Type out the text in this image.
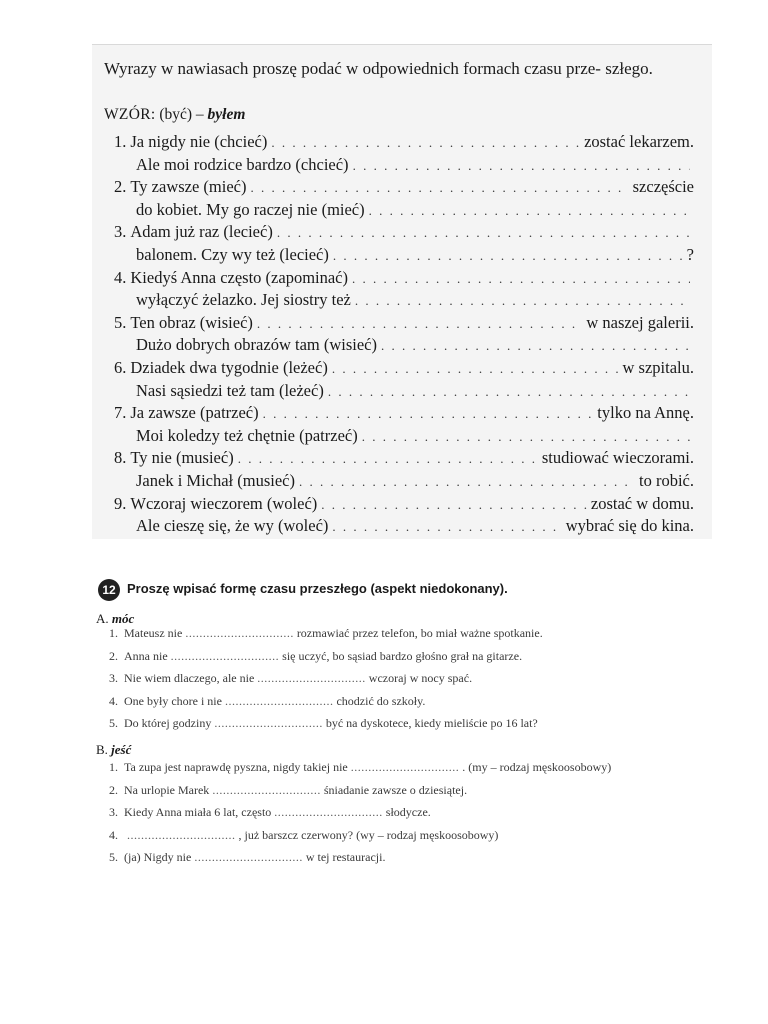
Wyrazy w nawiasach proszę podać w odpowiednich formach czasu prze- szłego.
WZÓR: (być) – byłem
1. Ja nigdy nie (chcieć) . . .	zostać lekarzem.
Ale moi rodzice bardzo (chcieć)
. . .
2. Ty zawsze (mieć) . . .	szczęście
do kobiet. My go raczej nie (mieć)
. . .
3. Adam już raz (lecieć)
. . .
balonem. Czy wy też (lecieć) . . .	?
4. Kiedyś Anna często (zapominać)
. . .
wyłączyć żelazko. Jej siostry też
. . .
5. Ten obraz (wisieć) . . .	w naszej galerii.
Dużo dobrych obrazów tam (wisieć)
. . .
6. Dziadek dwa tygodnie (leżeć) . . .	w szpitalu.
Nasi sąsiedzi też tam (leżeć)
. . .
7. Ja zawsze (patrzeć) . . .	tylko na Annę.
Moi koledzy też chętnie (patrzeć)
. . .
8. Ty nie (musieć) . . .	studiować wieczorami.
Janek i Michał (musieć) . . .	to robić.
9. Wczoraj wieczorem (woleć) . . .	zostać w domu.
Ale cieszę się, że wy (woleć) . . .	wybrać się do kina.
12 Proszę wpisać formę czasu przeszłego (aspekt niedokonany).
A. móc
1. Mateusz nie ............................... rozmawiać przez telefon, bo miał ważne spotkanie.
2. Anna nie ............................... się uczyć, bo sąsiad bardzo głośno grał na gitarze.
3. Nie wiem dlaczego, ale nie ............................... wczoraj w nocy spać.
4. One były chore i nie ............................... chodzić do szkoły.
5. Do której godziny ............................... być na dyskotece, kiedy mieliście po 16 lat?
B. jeść
1. Ta zupa jest naprawdę pyszna, nigdy takiej nie ............................... . (my – rodzaj męskoosobowy)
2. Na urlopie Marek ............................... śniadanie zawsze o dziesiątej.
3. Kiedy Anna miała 6 lat, często ............................... słodycze.
4. ............................... , już barszcz czerwony? (wy – rodzaj męskoosobowy)
5. (ja) Nigdy nie ............................... w tej restauracji.
